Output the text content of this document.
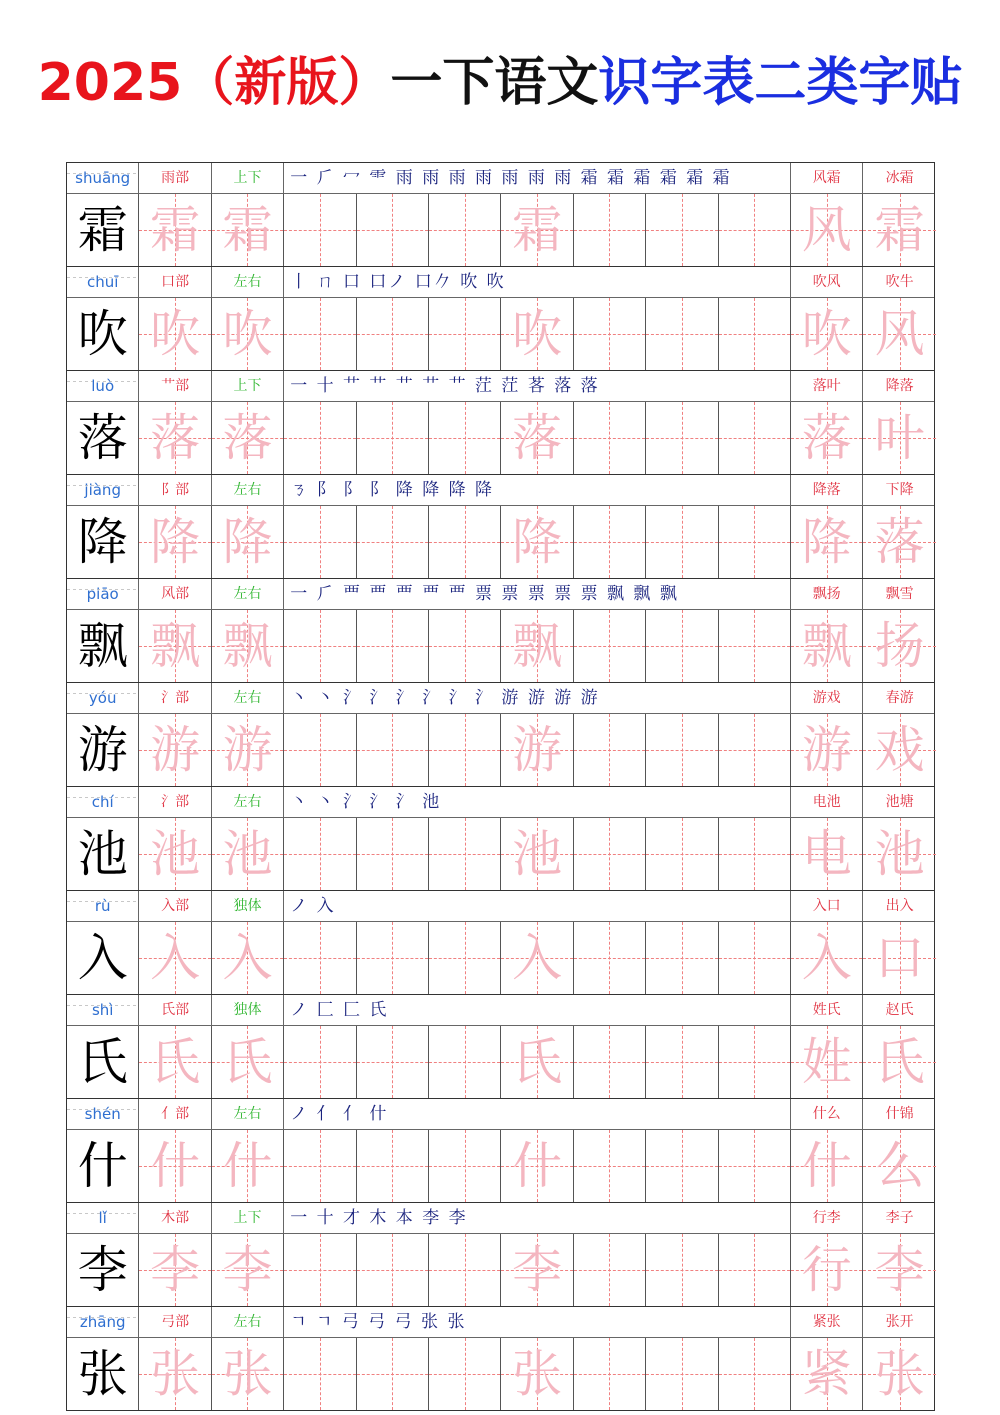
2025（新版）一下语文识字表二类字贴
shuāng	雨部	上下	一 ⺁ 冖 ⻗ 雨 雨 雨 雨 雨 雨 雨 霜 霜 霜 霜 霜 霜	风霜	冰霜
霜 霜 霜	霜	风 霜
chuī	口部	左右	丨 ㄇ 口 口ノ 口𠂊 吹 吹	吹风	吹牛
吹 吹 吹	吹	吹 风
luò	艹部	上下	一 十 艹 艹 艹 艹 艹 茳 茳 茖 落 落	落叶	降落
落 落 落	落	落 叶
jiàng	阝部	左右	ㄋ 阝 阝 阝 降 降 降 降	降落	下降
降 降 降	降	降 落
piāo	风部	左右	一 ⺁ 覀 覀 覀 覀 覀 票 票 票 票 票 飘 飘 飘	飘扬	飘雪
飘 飘 飘	飘	飘 扬
yóu	氵部	左右	丶 丶 氵 氵 氵 氵 氵 氵 游 游 游 游	游戏	春游
游 游 游	游	游 戏
chí	氵部	左右	丶 丶 氵 氵 氵 池	电池	池塘
池 池 池	池	电 池
rù	入部	独体	ノ 入	入口	出入
入 入 入	入	入 口
shì	氏部	独体	ノ 匚 匚 氏	姓氏	赵氏
氏 氏 氏	氏	姓 氏
shén	亻部	左右	ノ 亻 亻 什	什么	什锦
什 什 什	什	什 么
lǐ	木部	上下	一 十 才 木 本 李 李	行李	李子
李 李 李	李	行 李
zhāng	弓部	左右	ㄱ ㄱ 弓 弓 弓 张 张	紧张	张开
张 张 张	张	紧 张
